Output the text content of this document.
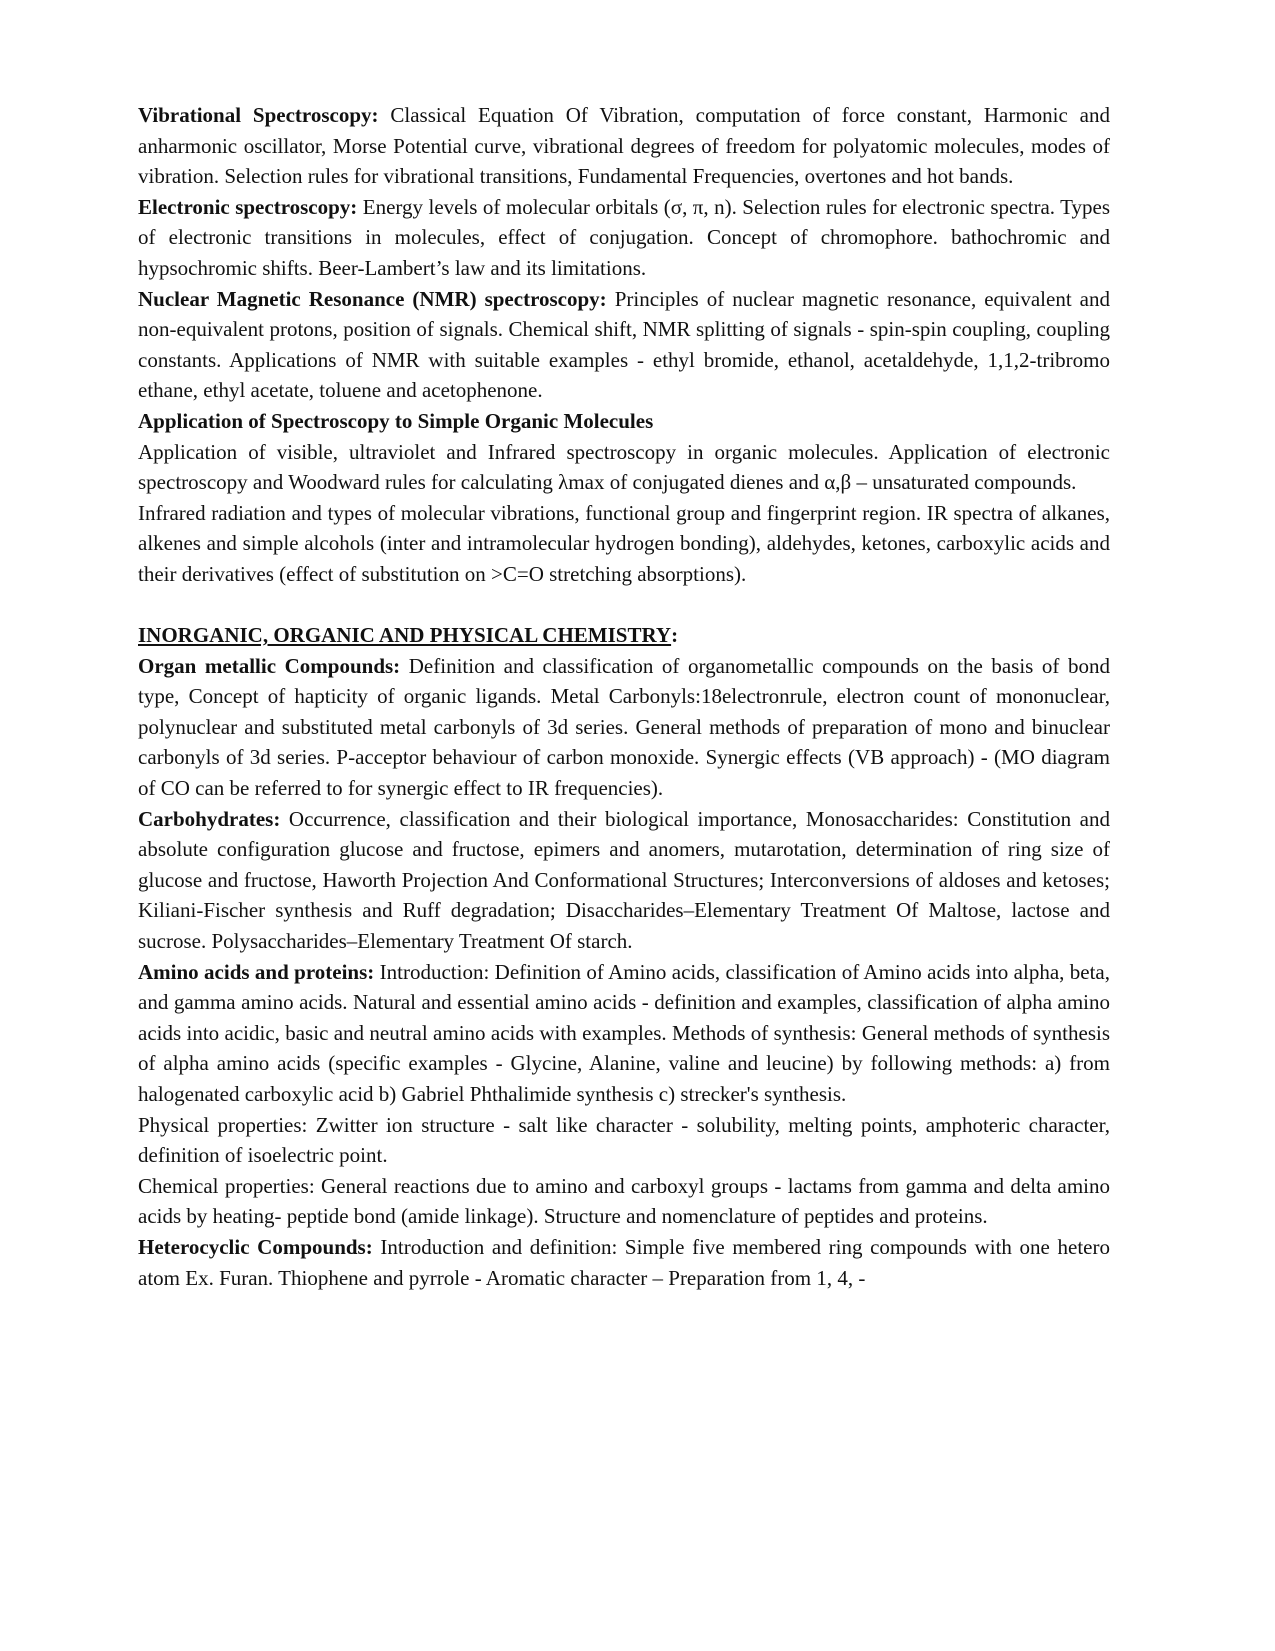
Vibrational Spectroscopy: Classical Equation Of Vibration, computation of force constant, Harmonic and anharmonic oscillator, Morse Potential curve, vibrational degrees of freedom for polyatomic molecules, modes of vibration. Selection rules for vibrational transitions, Fundamental Frequencies, overtones and hot bands.

Electronic spectroscopy: Energy levels of molecular orbitals (σ, π, n). Selection rules for electronic spectra. Types of electronic transitions in molecules, effect of conjugation. Concept of chromophore. bathochromic and hypsochromic shifts. Beer-Lambert’s law and its limitations.

Nuclear Magnetic Resonance (NMR) spectroscopy: Principles of nuclear magnetic resonance, equivalent and non-equivalent protons, position of signals. Chemical shift, NMR splitting of signals - spin-spin coupling, coupling constants. Applications of NMR with suitable examples - ethyl bromide, ethanol, acetaldehyde, 1,1,2-tribromo ethane, ethyl acetate, toluene and acetophenone.

Application of Spectroscopy to Simple Organic Molecules

Application of visible, ultraviolet and Infrared spectroscopy in organic molecules. Application of electronic spectroscopy and Woodward rules for calculating λmax of conjugated dienes and α,β – unsaturated compounds.

Infrared radiation and types of molecular vibrations, functional group and fingerprint region. IR spectra of alkanes, alkenes and simple alcohols (inter and intramolecular hydrogen bonding), aldehydes, ketones, carboxylic acids and their derivatives (effect of substitution on >C=O stretching absorptions).

INORGANIC, ORGANIC AND PHYSICAL CHEMISTRY:

Organ metallic Compounds: Definition and classification of organometallic compounds on the basis of bond type, Concept of hapticity of organic ligands. Metal Carbonyls:18electronrule, electron count of mononuclear, polynuclear and substituted metal carbonyls of 3d series. General methods of preparation of mono and binuclear carbonyls of 3d series. P-acceptor behaviour of carbon monoxide. Synergic effects (VB approach) - (MO diagram of CO can be referred to for synergic effect to IR frequencies).

Carbohydrates: Occurrence, classification and their biological importance, Monosaccharides: Constitution and absolute configuration glucose and fructose, epimers and anomers, mutarotation, determination of ring size of glucose and fructose, Haworth Projection And Conformational Structures; Interconversions of aldoses and ketoses; Kiliani-Fischer synthesis and Ruff degradation; Disaccharides–Elementary Treatment Of Maltose, lactose and sucrose. Polysaccharides–Elementary Treatment Of starch.

Amino acids and proteins: Introduction: Definition of Amino acids, classification of Amino acids into alpha, beta, and gamma amino acids. Natural and essential amino acids - definition and examples, classification of alpha amino acids into acidic, basic and neutral amino acids with examples. Methods of synthesis: General methods of synthesis of alpha amino acids (specific examples - Glycine, Alanine, valine and leucine) by following methods: a) from halogenated carboxylic acid b) Gabriel Phthalimide synthesis c) strecker's synthesis.

Physical properties: Zwitter ion structure - salt like character - solubility, melting points, amphoteric character, definition of isoelectric point.

Chemical properties: General reactions due to amino and carboxyl groups - lactams from gamma and delta amino acids by heating- peptide bond (amide linkage). Structure and nomenclature of peptides and proteins.

Heterocyclic Compounds: Introduction and definition: Simple five membered ring compounds with one hetero atom Ex. Furan. Thiophene and pyrrole - Aromatic character – Preparation from 1, 4, -
